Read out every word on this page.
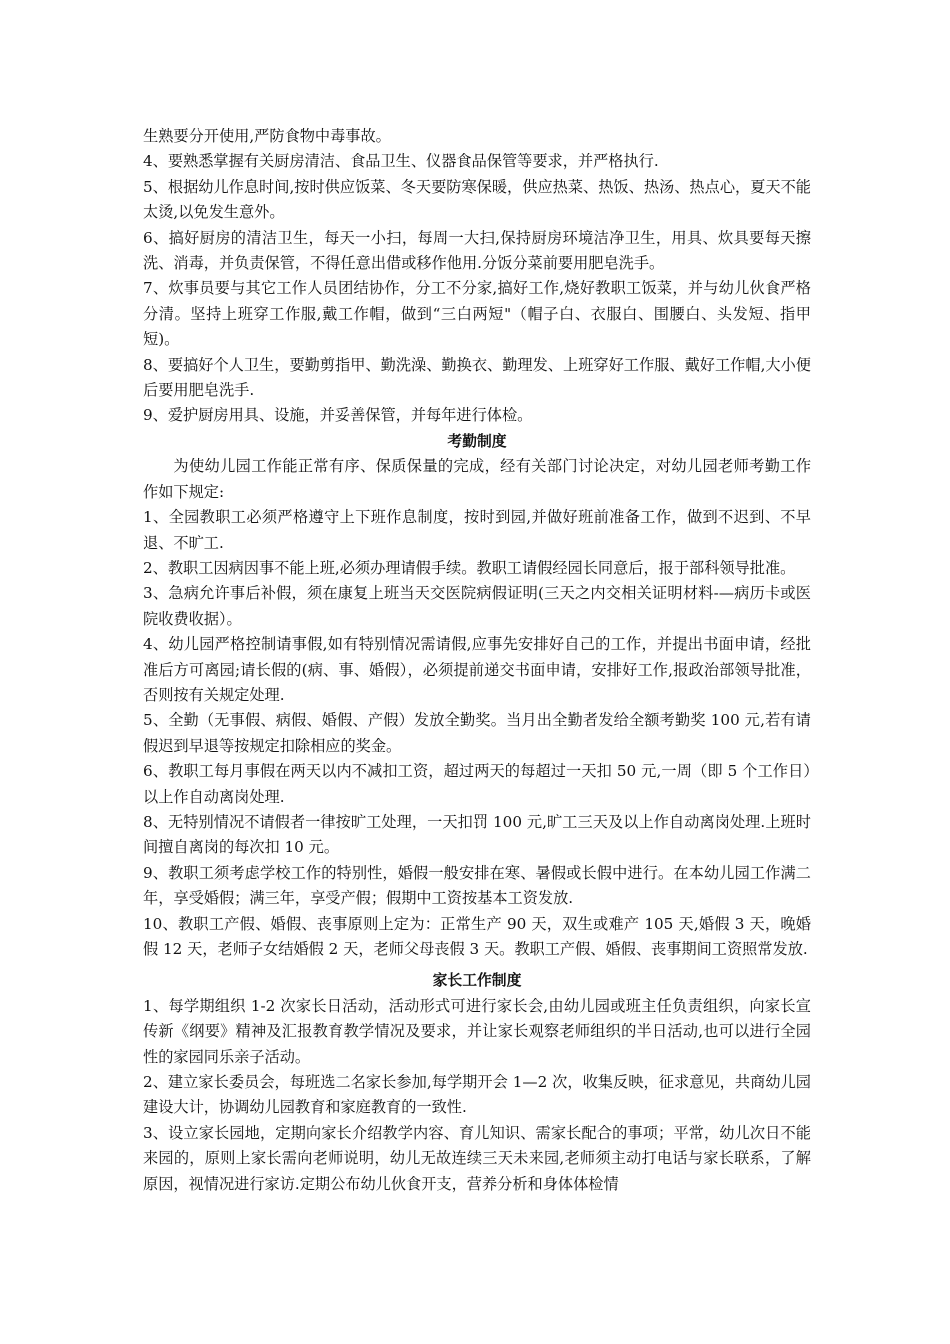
生熟要分开使用,严防食物中毒事故。

4、要熟悉掌握有关厨房清洁、食品卫生、仪器食品保管等要求，并严格执行.

5、根据幼儿作息时间,按时供应饭菜、冬天要防寒保暖，供应热菜、热饭、热汤、热点心，夏天不能太烫,以免发生意外。

6、搞好厨房的清洁卫生，每天一小扫，每周一大扫,保持厨房环境洁净卫生，用具、炊具要每天擦洗、消毒，并负责保管，不得任意出借或移作他用.分饭分菜前要用肥皂洗手。

7、炊事员要与其它工作人员团结协作，分工不分家,搞好工作,烧好教职工饭菜，并与幼儿伙食严格分清。坚持上班穿工作服,戴工作帽，做到“三白两短"（帽子白、衣服白、围腰白、头发短、指甲短)。

8、要搞好个人卫生，要勤剪指甲、勤洗澡、勤换衣、勤理发、上班穿好工作服、戴好工作帽,大小便后要用肥皂洗手.

9、爱护厨房用具、设施，并妥善保管，并每年进行体检。

考勤制度

为使幼儿园工作能正常有序、保质保量的完成，经有关部门讨论决定，对幼儿园老师考勤工作作如下规定:

1、全园教职工必须严格遵守上下班作息制度，按时到园,并做好班前准备工作，做到不迟到、不早退、不旷工.

2、教职工因病因事不能上班,必须办理请假手续。教职工请假经园长同意后，报于部科领导批准。

3、急病允许事后补假，须在康复上班当天交医院病假证明(三天之内交相关证明材料-—病历卡或医院收费收据）。

4、幼儿园严格控制请事假,如有特别情况需请假,应事先安排好自己的工作，并提出书面申请，经批准后方可离园;请长假的(病、事、婚假），必须提前递交书面申请，安排好工作,报政治部领导批准，否则按有关规定处理.

5、全勤（无事假、病假、婚假、产假）发放全勤奖。当月出全勤者发给全额考勤奖 100 元,若有请假迟到早退等按规定扣除相应的奖金。

6、教职工每月事假在两天以内不减扣工资，超过两天的每超过一天扣 50 元,一周（即 5 个工作日）以上作自动离岗处理.

8、无特别情况不请假者一律按旷工处理，一天扣罚 100 元,旷工三天及以上作自动离岗处理.上班时间擅自离岗的每次扣 10 元。

9、教职工须考虑学校工作的特别性，婚假一般安排在寒、暑假或长假中进行。在本幼儿园工作满二年，享受婚假；满三年，享受产假；假期中工资按基本工资发放.

10、教职工产假、婚假、丧事原则上定为：正常生产 90 天，双生或难产 105 天,婚假 3 天，晚婚假 12 天，老师子女结婚假 2 天，老师父母丧假 3 天。教职工产假、婚假、丧事期间工资照常发放.

家长工作制度

1、每学期组织 1-2 次家长日活动，活动形式可进行家长会,由幼儿园或班主任负责组织，向家长宣传新《纲要》精神及汇报教育教学情况及要求，并让家长观察老师组织的半日活动,也可以进行全园性的家园同乐亲子活动。

2、建立家长委员会，每班选二名家长参加,每学期开会 1—2 次，收集反映，征求意见，共商幼儿园建设大计，协调幼儿园教育和家庭教育的一致性.

3、设立家长园地，定期向家长介绍教学内容、育儿知识、需家长配合的事项；平常，幼儿次日不能来园的，原则上家长需向老师说明，幼儿无故连续三天未来园,老师须主动打电话与家长联系，了解原因，视情况进行家访.定期公布幼儿伙食开支，营养分析和身体体检情
